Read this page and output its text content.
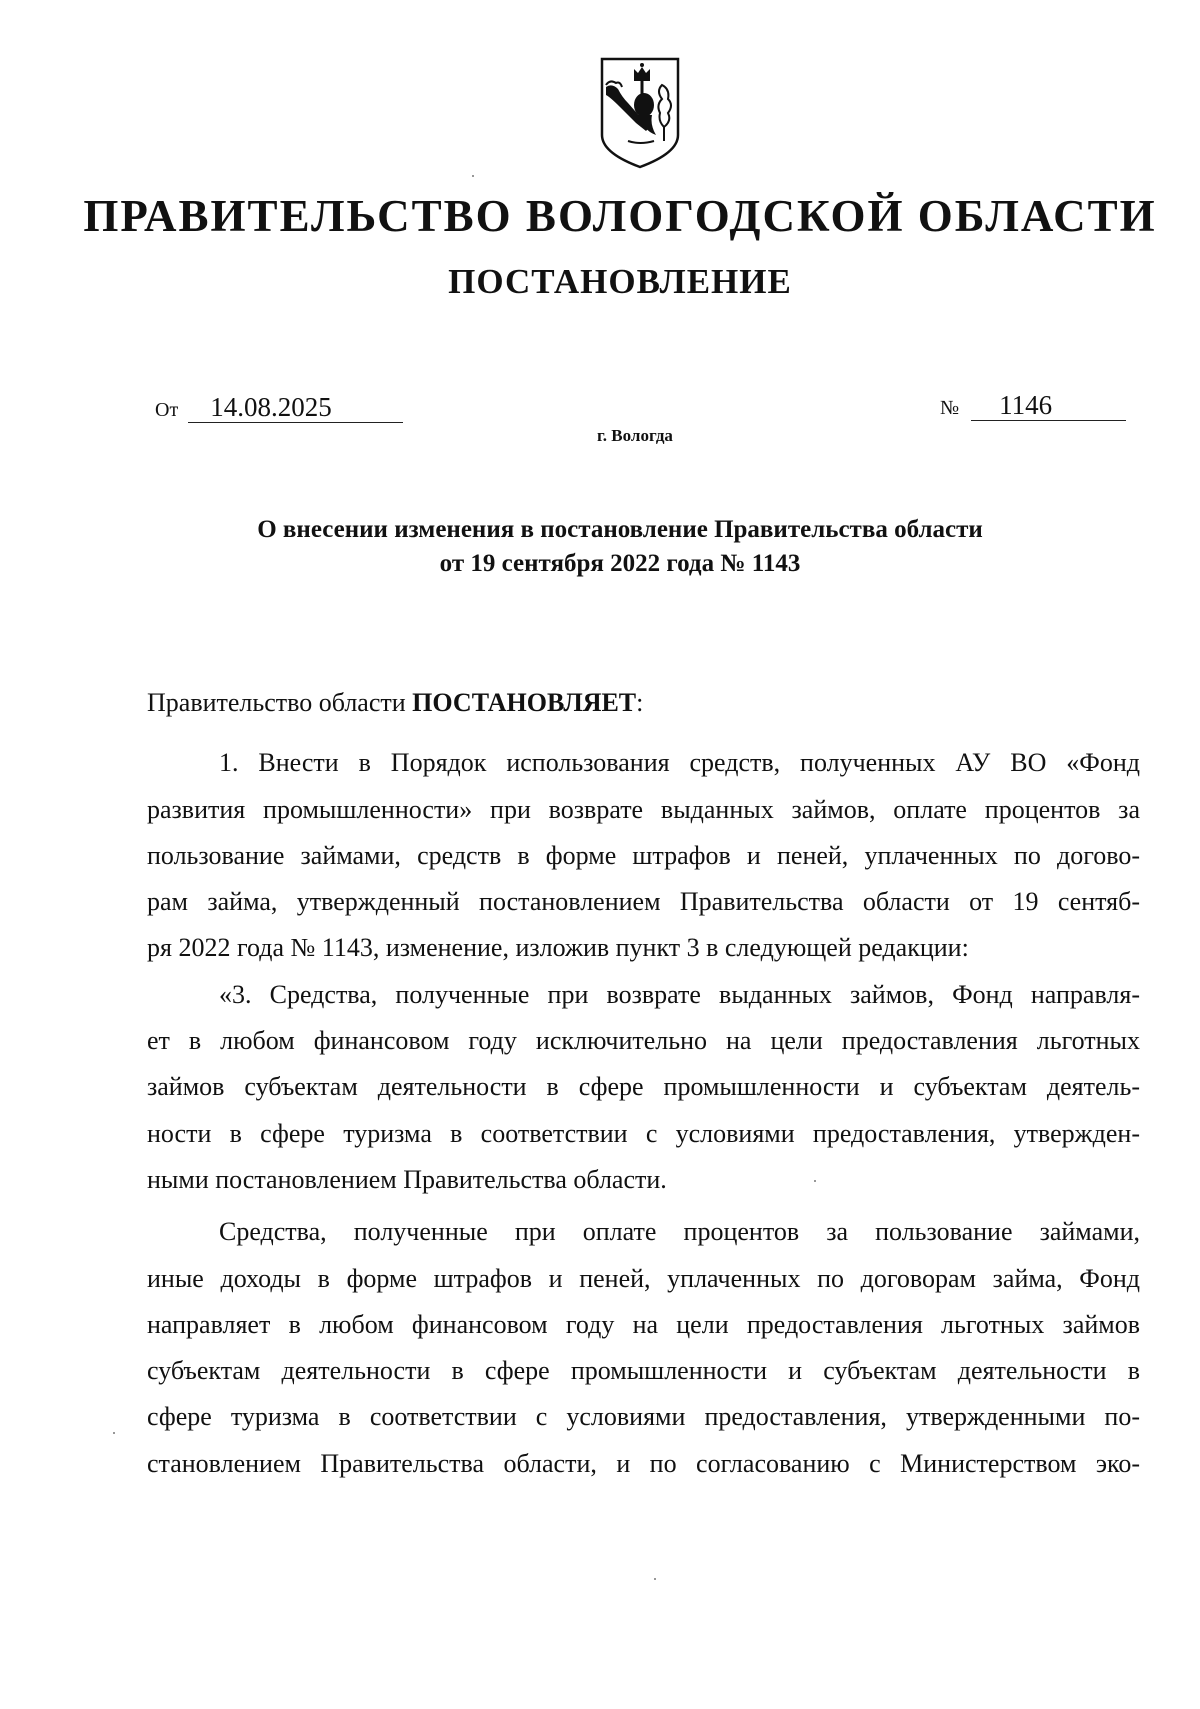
ПРАВИТЕЛЬСТВО ВОЛОГОДСКОЙ ОБЛАСТИ
ПОСТАНОВЛЕНИЕ
От 14.08.2025	№ 1146
г. Вологда
О внесении изменения в постановление Правительства области
от 19 сентября 2022 года № 1143

Правительство области ПОСТАНОВЛЯЕТ:

1. Внести в Порядок использования средств, полученных АУ ВО «Фонд

развития промышленности» при возврате выданных займов, оплате процентов за

пользование займами, средств в форме штрафов и пеней, уплаченных по догово-

рам займа, утвержденный постановлением Правительства области от 19 сентяб-

ря 2022 года № 1143, изменение, изложив пункт 3 в следующей редакции:

«3. Средства, полученные при возврате выданных займов, Фонд направля-

ет в любом финансовом году исключительно на цели предоставления льготных

займов субъектам деятельности в сфере промышленности и субъектам деятель-

ности в сфере туризма в соответствии с условиями предоставления, утвержден-

ными постановлением Правительства области.

Средства, полученные при оплате процентов за пользование займами,

иные доходы в форме штрафов и пеней, уплаченных по договорам займа, Фонд

направляет в любом финансовом году на цели предоставления льготных займов

субъектам деятельности в сфере промышленности и субъектам деятельности в

сфере туризма в соответствии с условиями предоставления, утвержденными по-

становлением Правительства области, и по согласованию с Министерством эко-
